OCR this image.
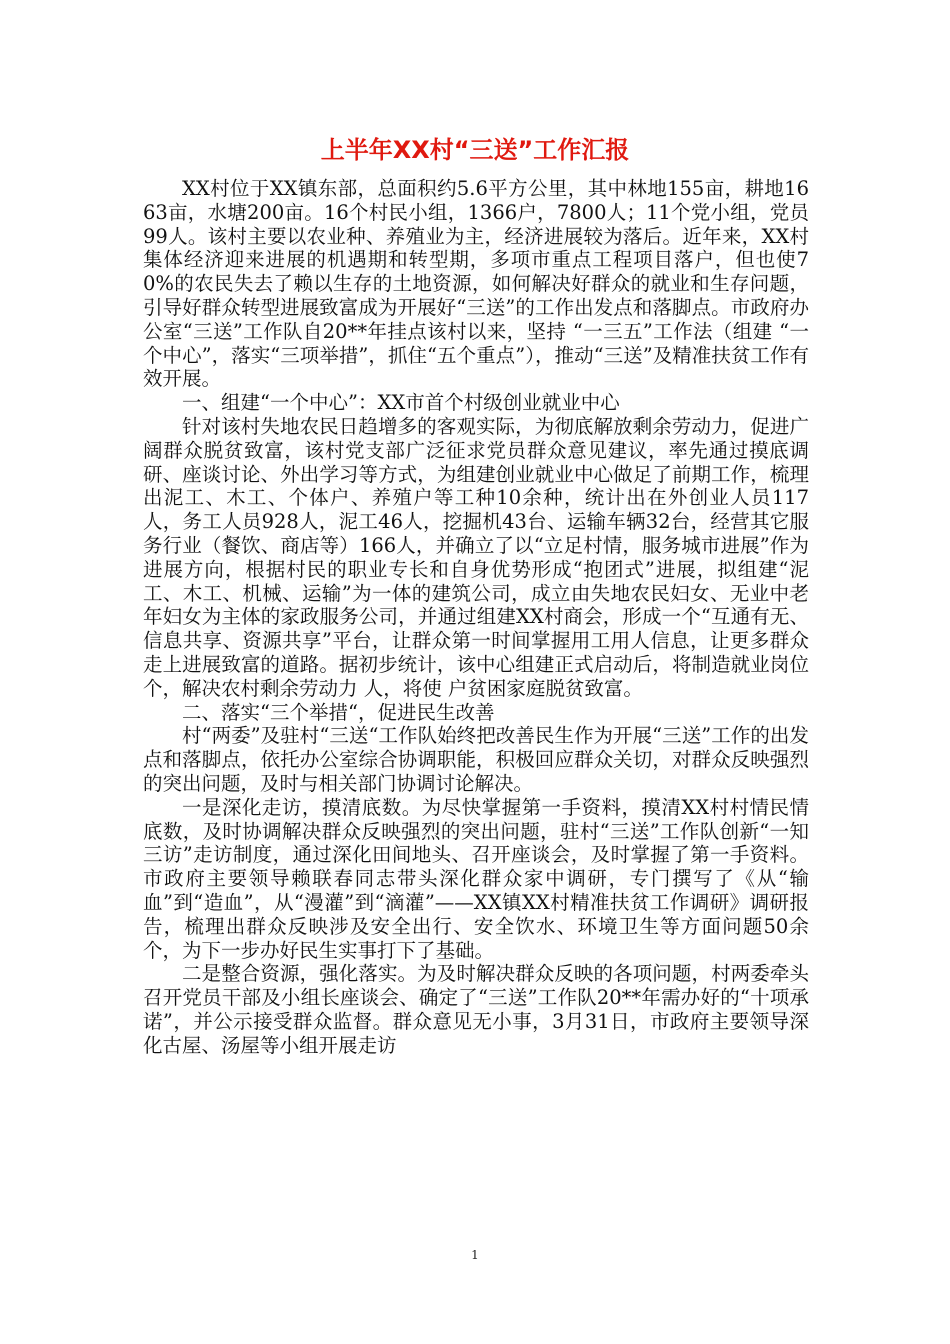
上半年XX村“三送”工作汇报

XX村位于XX镇东部，总面积约5.6平方公里，其中林地155亩，耕地1663亩，水塘200亩。16个村民小组，1366户，7800人；11个党小组，党员99人。该村主要以农业种、养殖业为主，经济进展较为落后。近年来，XX村集体经济迎来进展的机遇期和转型期，多项市重点工程项目落户，但也使70%的农民失去了赖以生存的土地资源，如何解决好群众的就业和生存问题，引导好群众转型进展致富成为开展好“三送”的工作出发点和落脚点。市政府办公室“三送”工作队自20**年挂点该村以来，坚持 “一三五”工作法（组建 “一个中心”，落实“三项举措”，抓住“五个重点”），推动“三送”及精准扶贫工作有效开展。

一、组建“一个中心”：XX市首个村级创业就业中心

针对该村失地农民日趋增多的客观实际，为彻底解放剩余劳动力，促进广阔群众脱贫致富，该村党支部广泛征求党员群众意见建议，率先通过摸底调研、座谈讨论、外出学习等方式，为组建创业就业中心做足了前期工作，梳理出泥工、木工、个体户、养殖户等工种10余种，统计出在外创业人员117人，务工人员928人，泥工46人，挖掘机43台、运输车辆32台，经营其它服务行业（餐饮、商店等）166人，并确立了以“立足村情，服务城市进展”作为进展方向，根据村民的职业专长和自身优势形成“抱团式”进展，拟组建“泥工、木工、机械、运输”为一体的建筑公司，成立由失地农民妇女、无业中老年妇女为主体的家政服务公司，并通过组建XX村商会，形成一个“互通有无、信息共享、资源共享”平台，让群众第一时间掌握用工用人信息，让更多群众走上进展致富的道路。据初步统计，该中心组建正式启动后，将制造就业岗位 个，解决农村剩余劳动力 人，将使 户贫困家庭脱贫致富。

二、落实“三个举措“，促进民生改善

村“两委”及驻村“三送“工作队始终把改善民生作为开展“三送”工作的出发点和落脚点，依托办公室综合协调职能，积极回应群众关切，对群众反映强烈的突出问题，及时与相关部门协调讨论解决。

一是深化走访，摸清底数。为尽快掌握第一手资料，摸清XX村村情民情底数，及时协调解决群众反映强烈的突出问题，驻村“三送”工作队创新“一知三访”走访制度，通过深化田间地头、召开座谈会，及时掌握了第一手资料。市政府主要领导赖联春同志带头深化群众家中调研，专门撰写了《从“输血”到“造血”，从“漫灌”到“滴灌”——XX镇XX村精准扶贫工作调研》调研报告，梳理出群众反映涉及安全出行、安全饮水、环境卫生等方面问题50余个，为下一步办好民生实事打下了基础。

二是整合资源，强化落实。为及时解决群众反映的各项问题，村两委牵头召开党员干部及小组长座谈会、确定了“三送”工作队20**年需办好的“十项承诺”，并公示接受群众监督。群众意见无小事，3月31日，市政府主要领导深化古屋、汤屋等小组开展走访

1
